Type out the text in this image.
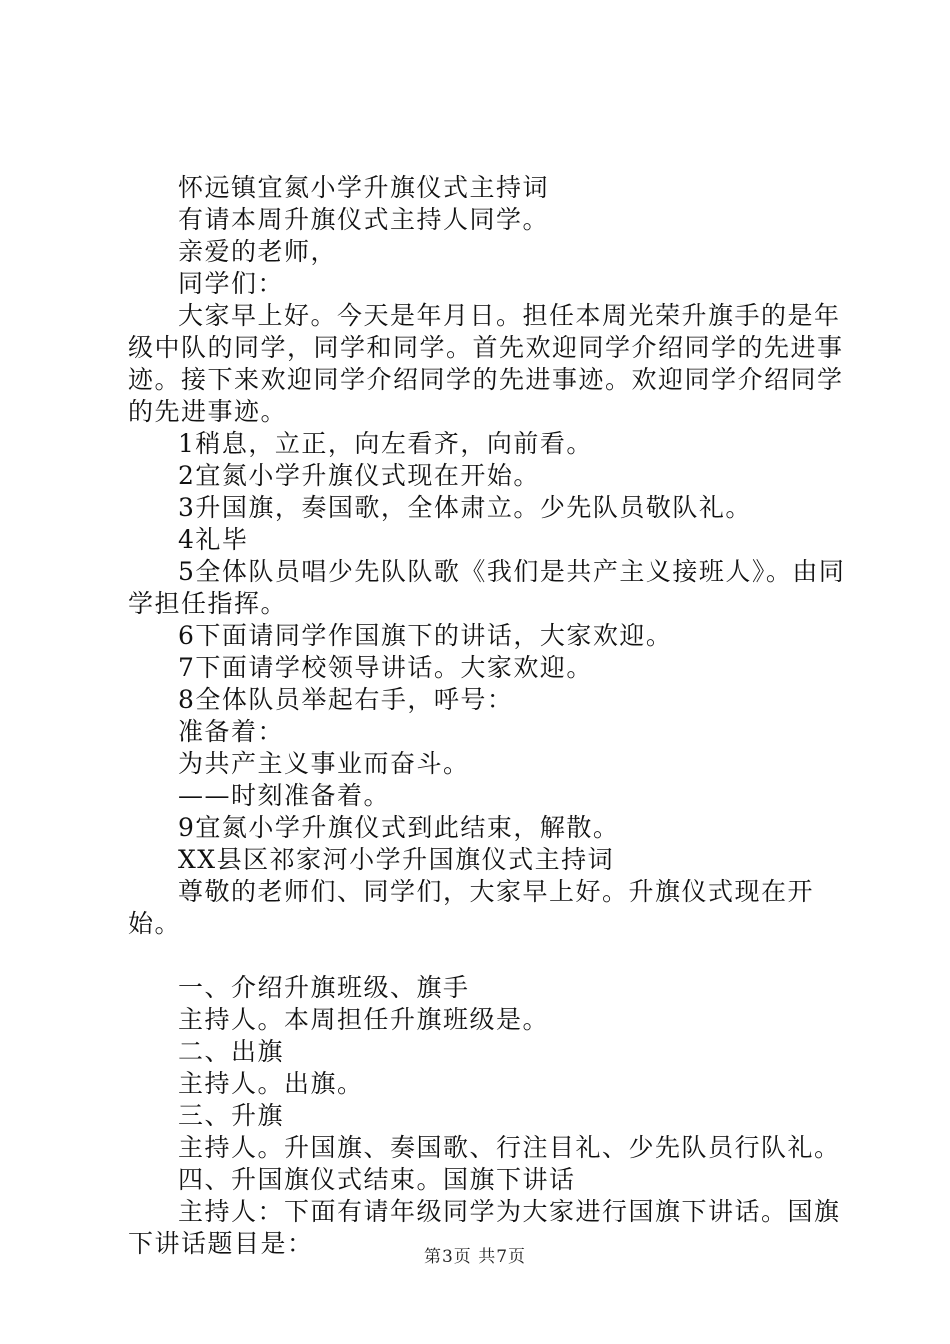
怀远镇宜氮小学升旗仪式主持词

有请本周升旗仪式主持人同学。

亲爱的老师，

同学们：

大家早上好。今天是年月日。担任本周光荣升旗手的是年级中队的同学，同学和同学。首先欢迎同学介绍同学的先进事迹。接下来欢迎同学介绍同学的先进事迹。欢迎同学介绍同学的先进事迹。

1稍息，立正，向左看齐，向前看。

2宜氮小学升旗仪式现在开始。

3升国旗，奏国歌，全体肃立。少先队员敬队礼。

4礼毕

5全体队员唱少先队队歌《我们是共产主义接班人》。由同学担任指挥。

6下面请同学作国旗下的讲话，大家欢迎。

7下面请学校领导讲话。大家欢迎。

8全体队员举起右手，呼号：

准备着：

为共产主义事业而奋斗。

——时刻准备着。

9宜氮小学升旗仪式到此结束，解散。

XX县区祁家河小学升国旗仪式主持词

尊敬的老师们、同学们，大家早上好。升旗仪式现在开始。

一、介绍升旗班级、旗手

主持人。本周担任升旗班级是。

二、出旗

主持人。出旗。

三、升旗

主持人。升国旗、奏国歌、行注目礼、少先队员行队礼。

四、升国旗仪式结束。国旗下讲话

主持人：下面有请年级同学为大家进行国旗下讲话。国旗下讲话题目是：	第3页 共7页
